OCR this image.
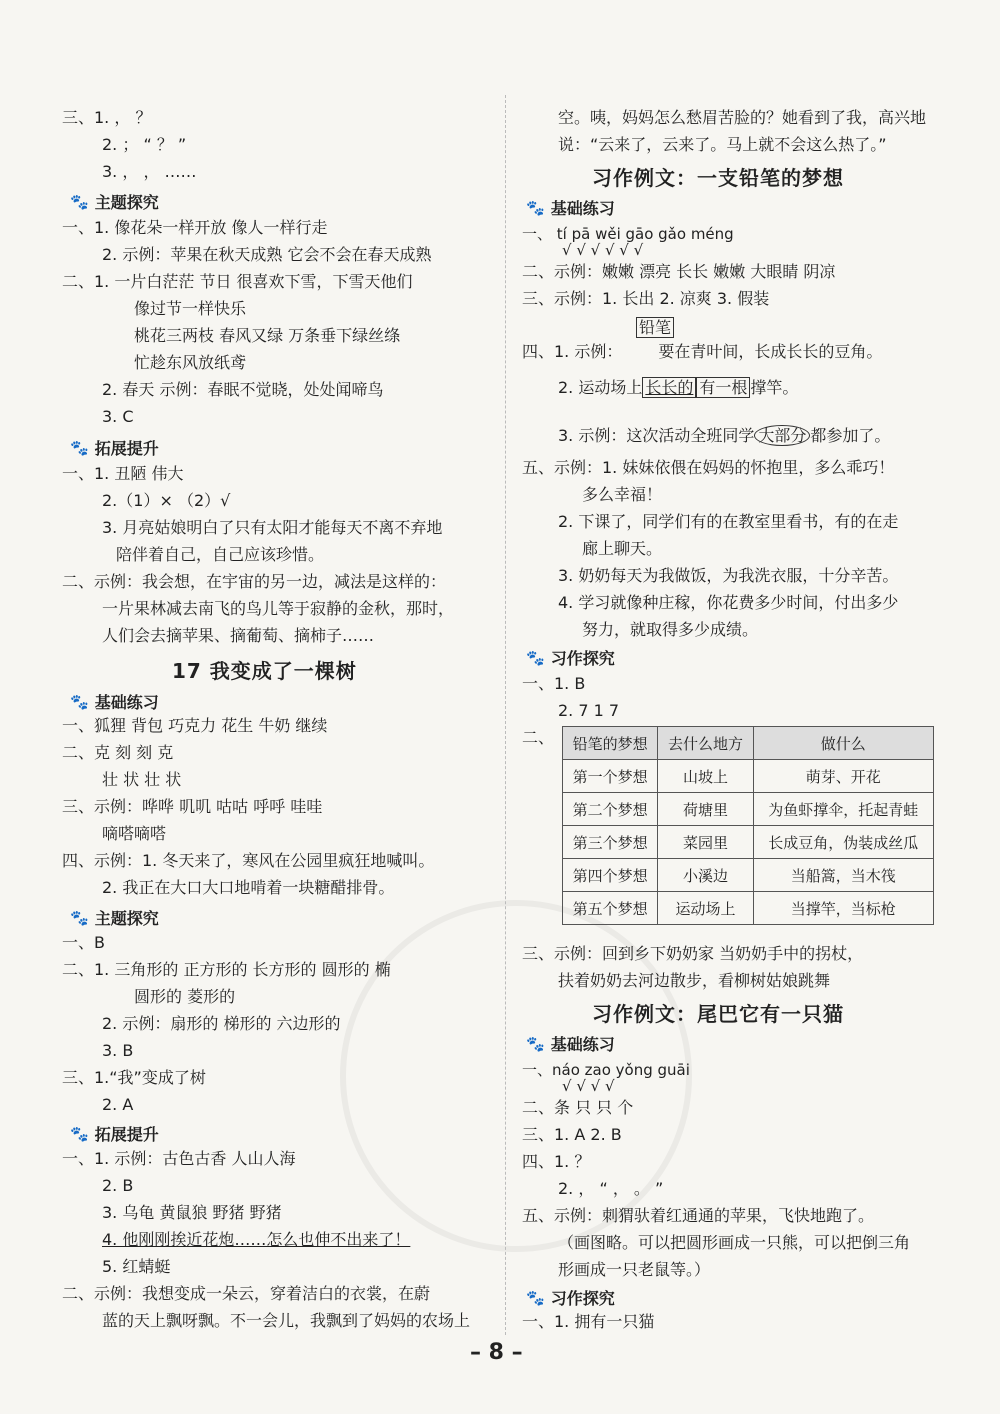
三、1. ， ？
2. ； “ ？ ”
3. ， ， ……
🐾 主题探究
一、1. 像花朵一样开放 像人一样行走
2. 示例：苹果在秋天成熟 它会不会在春天成熟
二、1. 一片白茫茫 节日 很喜欢下雪，下雪天他们
像过节一样快乐
桃花三两枝 春风又绿 万条垂下绿丝绦
忙趁东风放纸鸢
2. 春天 示例：春眠不觉晓，处处闻啼鸟
3. C
🐾 拓展提升
一、1. 丑陋 伟大
2.（1）× （2）√
3. 月亮姑娘明白了只有太阳才能每天不离不弃地
陪伴着自己，自己应该珍惜。
二、示例：我会想，在宇宙的另一边，减法是这样的：
一片果林减去南飞的鸟儿等于寂静的金秋，那时，
人们会去摘苹果、摘葡萄、摘柿子……
17 我变成了一棵树
🐾 基础练习
一、狐狸 背包 巧克力 花生 牛奶 继续
二、克 刻 刻 克
壮 状 壮 状
三、示例：哗哗 叽叽 咕咕 呼呼 哇哇
嘀嗒嘀嗒
四、示例：1. 冬天来了，寒风在公园里疯狂地喊叫。
2. 我正在大口大口地啃着一块糖醋排骨。
🐾 主题探究
一、B
二、1. 三角形的 正方形的 长方形的 圆形的 椭
圆形的 菱形的
2. 示例：扇形的 梯形的 六边形的
3. B
三、1.“我”变成了树
2. A
🐾 拓展提升
一、1. 示例：古色古香 人山人海
2. B
3. 乌龟 黄鼠狼 野猪 野猪
4. 他刚刚挨近花炮……怎么也伸不出来了！
5. 红蜻蜓
二、示例：我想变成一朵云，穿着洁白的衣裳，在蔚
蓝的天上飘呀飘。不一会儿，我飘到了妈妈的农场上
空。咦，妈妈怎么愁眉苦脸的？她看到了我，高兴地
说：“云来了，云来了。马上就不会这么热了。”
习作例文：一支铅笔的梦想
🐾 基础练习
一、 tí pā wěi gāo gǎo méng
√ √ √ √ √ √
二、示例：嫩嫩 漂亮 长长 嫩嫩 大眼睛 阴凉
三、示例：1. 长出 2. 凉爽 3. 假装
铅笔
四、1. 示例： 要在青叶间，长成长长的豆角。
2. 运动场上 长长的 有一根 撑竿。
3. 示例：这次活动全班同学 大部分 都参加了。
五、示例：1. 妹妹依偎在妈妈的怀抱里，多么乖巧！
多么幸福！
2. 下课了，同学们有的在教室里看书，有的在走
廊上聊天。
3. 奶奶每天为我做饭，为我洗衣服，十分辛苦。
4. 学习就像种庄稼，你花费多少时间，付出多少
努力，就取得多少成绩。
🐾 习作探究
一、1. B
2. 7 1 7
二、 铅笔的梦想	去什么地方	做什么
第一个梦想	山坡上	萌芽、开花
第二个梦想	荷塘里	为鱼虾撑伞，托起青蛙
第三个梦想	菜园里	长成豆角，伪装成丝瓜
第四个梦想	小溪边	当船篙，当木筏
第五个梦想	运动场上	当撑竿，当标枪
三、示例：回到乡下奶奶家 当奶奶手中的拐杖，
扶着奶奶去河边散步，看柳树姑娘跳舞
习作例文：尾巴它有一只猫
🐾 基础练习
一、náo zao yǒng guāi
√ √ √ √
二、条 只 只 个
三、1. A 2. B
四、1. ？
2. ， “ ， 。 ”
五、示例：刺猬驮着红通通的苹果，飞快地跑了。
（画图略。可以把圆形画成一只熊，可以把倒三角
形画成一只老鼠等。）
🐾 习作探究
一、1. 拥有一只猫
– 8 –
